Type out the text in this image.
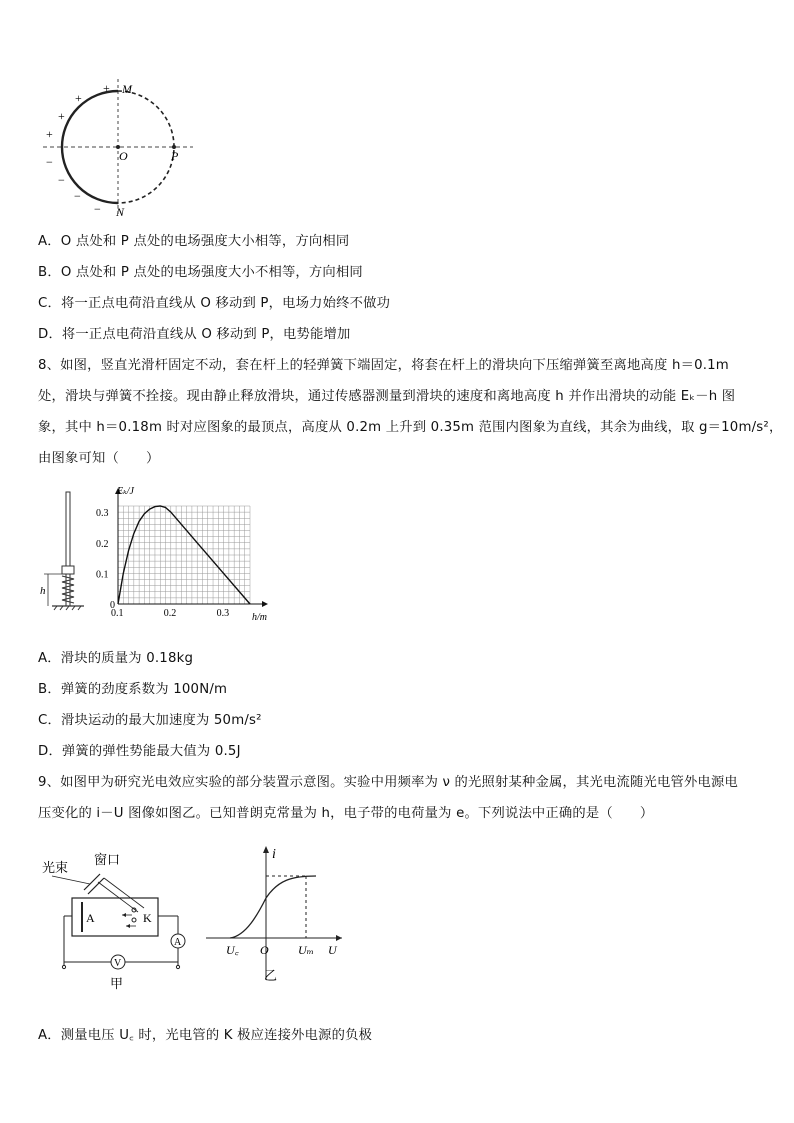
M
O	P
N
+
+
+
+
−
−
−
−
A．O 点处和 P 点处的电场强度大小相等，方向相同
B．O 点处和 P 点处的电场强度大小不相等，方向相同
C．将一正点电荷沿直线从 O 移动到 P，电场力始终不做功
D．将一正点电荷沿直线从 O 移动到 P，电势能增加
8、如图，竖直光滑杆固定不动，套在杆上的轻弹簧下端固定，将套在杆上的滑块向下压缩弹簧至离地高度 h＝0.1m
处，滑块与弹簧不拴接。现由静止释放滑块，通过传感器测量到滑块的速度和离地高度 h 并作出滑块的动能 Eₖ－h 图
象，其中 h＝0.18m 时对应图象的最顶点，高度从 0.2m 上升到 0.35m 范围内图象为直线，其余为曲线，取 g＝10m/s²，
由图象可知（　　）
h
0.1	0.2	0.3
0
0.1
0.2
0.3
Eₖ/J
h/m
A．滑块的质量为 0.18kg
B．弹簧的劲度系数为 100N/m
C．滑块运动的最大加速度为 50m/s²
D．弹簧的弹性势能最大值为 0.5J
9、如图甲为研究光电效应实验的部分装置示意图。实验中用频率为 ν 的光照射某种金属，其光电流随光电管外电源电
压变化的 i－U 图像如图乙。已知普朗克常量为 h，电子带的电荷量为 e。下列说法中正确的是（　　）
光束
窗口
A	K
A
V
甲
i
U꜀ O Uₘ U
乙
A．测量电压 U꜀ 时，光电管的 K 极应连接外电源的负极
